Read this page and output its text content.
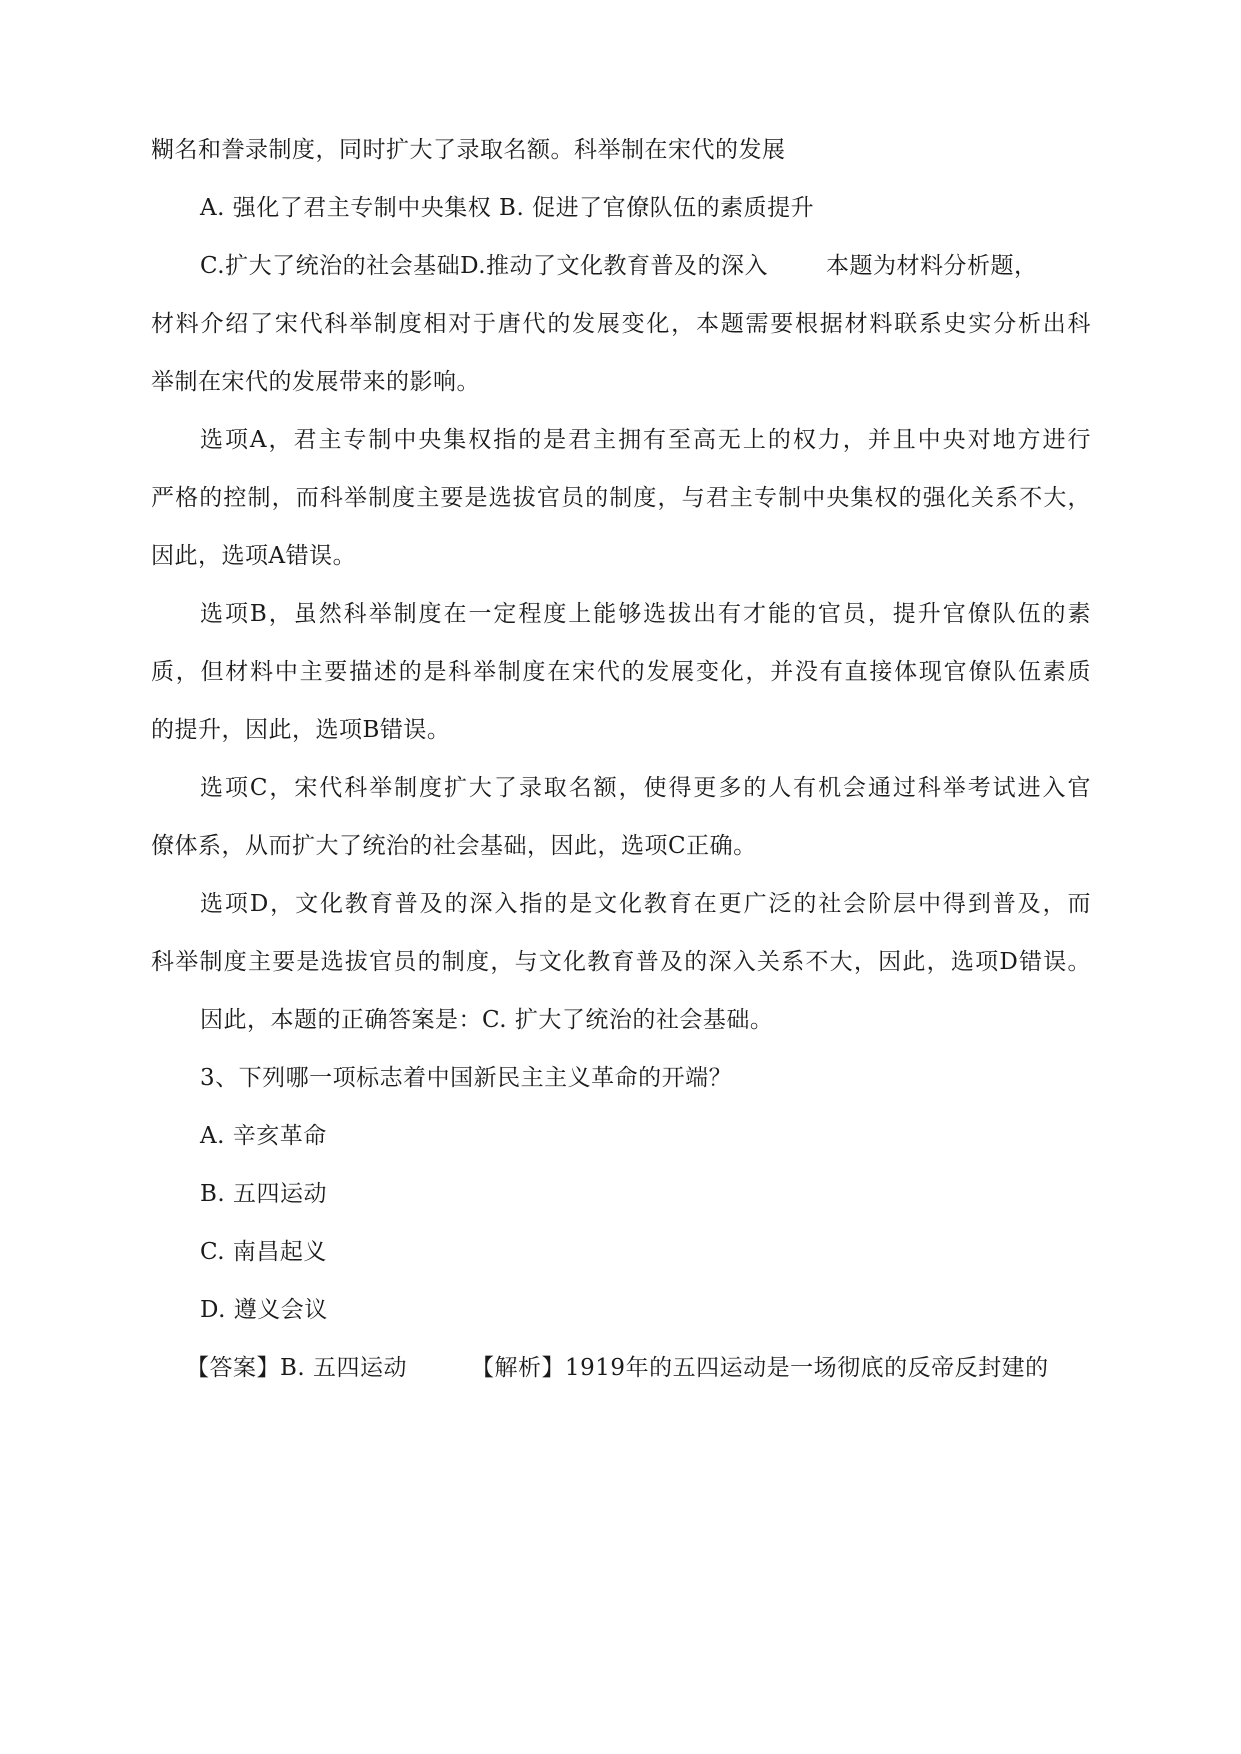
糊名和誊录制度，同时扩大了录取名额。科举制在宋代的发展
A. 强化了君主专制中央集权 B. 促进了官僚队伍的素质提升
C.扩大了统治的社会基础D.推动了文化教育普及的深入	本题为材料分析题，
材料介绍了宋代科举制度相对于唐代的发展变化，本题需要根据材料联系史实分析出科
举制在宋代的发展带来的影响。
选项A，君主专制中央集权指的是君主拥有至高无上的权力，并且中央对地方进行
严格的控制，而科举制度主要是选拔官员的制度，与君主专制中央集权的强化关系不大，
因此，选项A错误。
选项B，虽然科举制度在一定程度上能够选拔出有才能的官员，提升官僚队伍的素
质，但材料中主要描述的是科举制度在宋代的发展变化，并没有直接体现官僚队伍素质
的提升，因此，选项B错误。
选项C，宋代科举制度扩大了录取名额，使得更多的人有机会通过科举考试进入官
僚体系，从而扩大了统治的社会基础，因此，选项C正确。
选项D，文化教育普及的深入指的是文化教育在更广泛的社会阶层中得到普及，而
科举制度主要是选拔官员的制度，与文化教育普及的深入关系不大，因此，选项D错误。
因此，本题的正确答案是：C. 扩大了统治的社会基础。
3、下列哪一项标志着中国新民主主义革命的开端？
A. 辛亥革命
B. 五四运动
C. 南昌起义
D. 遵义会议
【答案】B. 五四运动	【解析】1919年的五四运动是一场彻底的反帝反封建的
